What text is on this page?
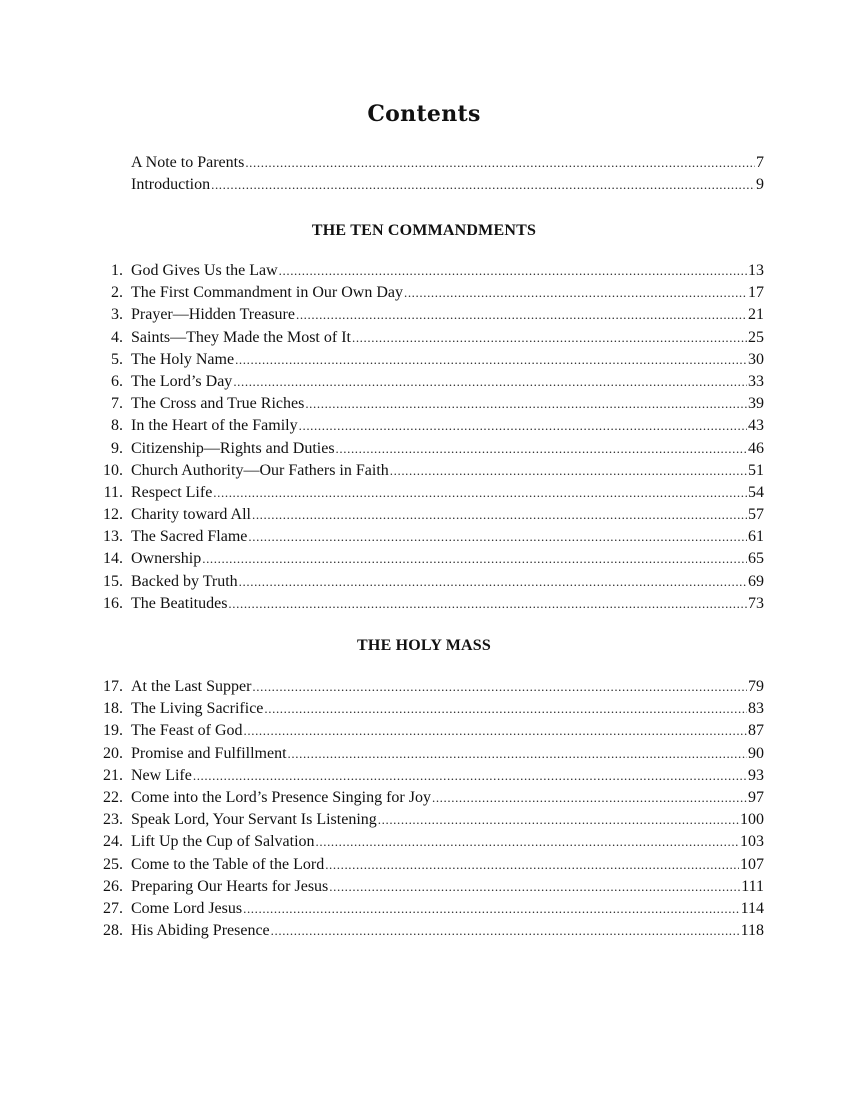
Contents
A Note to Parents .....	7
Introduction .....	9
THE TEN COMMANDMENTS
1. God Gives Us the Law .....	13
2. The First Commandment in Our Own Day .....	17
3. Prayer—Hidden Treasure .....	21
4. Saints—They Made the Most of It .....	25
5. The Holy Name .....	30
6. The Lord’s Day .....	33
7. The Cross and True Riches .....	39
8. In the Heart of the Family .....	43
9. Citizenship—Rights and Duties .....	46
10. Church Authority—Our Fathers in Faith .....	51
11. Respect Life .....	54
12. Charity toward All .....	57
13. The Sacred Flame .....	61
14. Ownership .....	65
15. Backed by Truth .....	69
16. The Beatitudes .....	73
THE HOLY MASS
17. At the Last Supper .....	79
18. The Living Sacrifice .....	83
19. The Feast of God .....	87
20. Promise and Fulfillment .....	90
21. New Life .....	93
22. Come into the Lord’s Presence Singing for Joy .....	97
23. Speak Lord, Your Servant Is Listening .....	100
24. Lift Up the Cup of Salvation .....	103
25. Come to the Table of the Lord .....	107
26. Preparing Our Hearts for Jesus .....	111
27. Come Lord Jesus .....	114
28. His Abiding Presence .....	118
